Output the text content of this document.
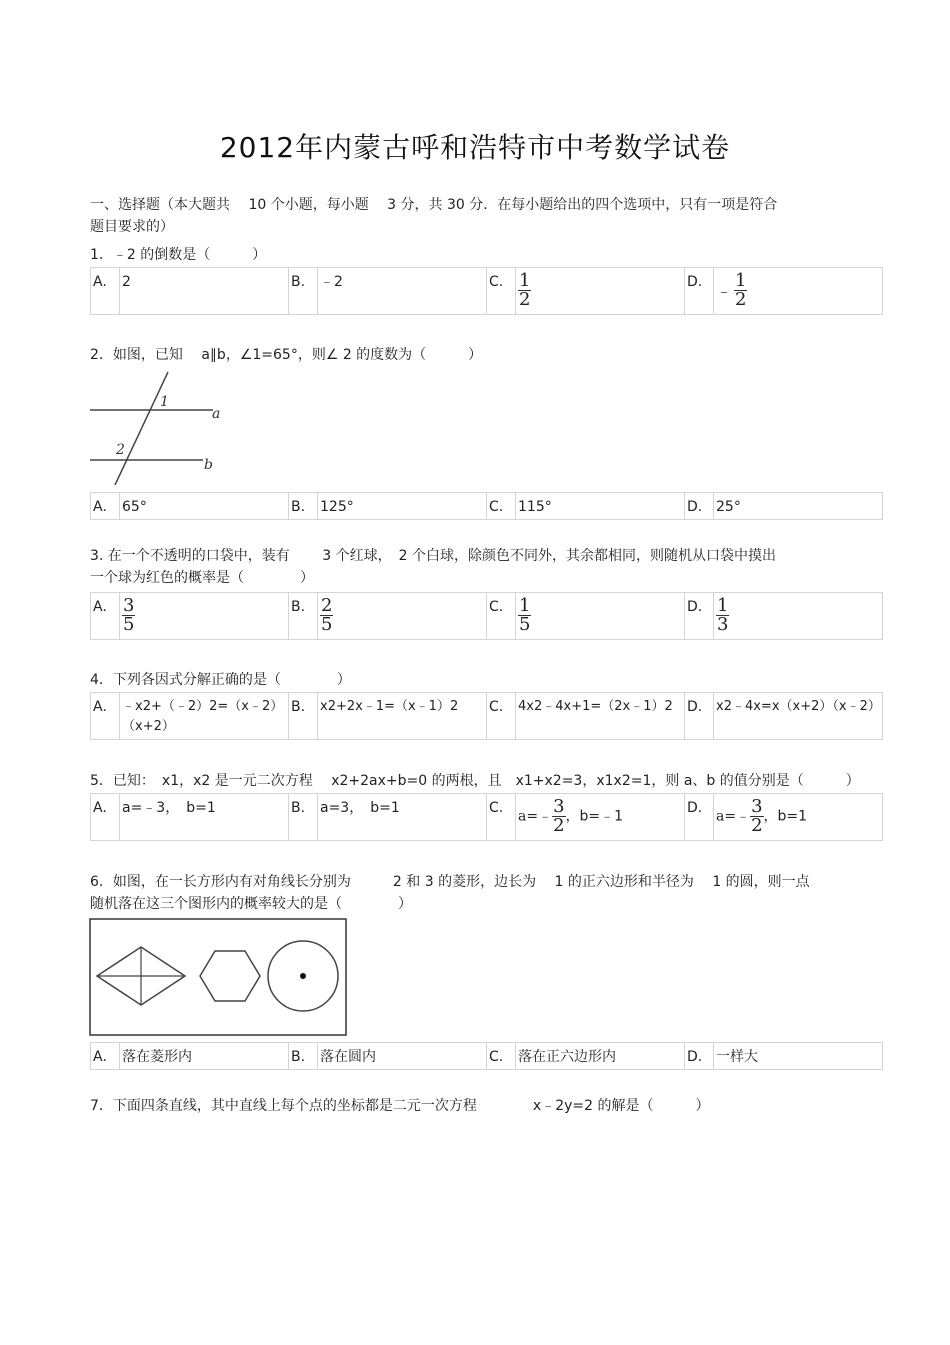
2012年内蒙古呼和浩特市中考数学试卷
一、选择题（本大题共 　10 个小题，每小题 　3 分，共 30 分．在每小题给出的四个选项中，只有一项是符合
题目要求的）
1．﹣2 的倒数是（　　　）
A.	2	B.	﹣2	C.	$\frac{1}{2}$	D.	﹣ $\frac{1}{2}$
2．如图，已知 　a∥b，∠1=65°，则∠ 2 的度数为（　　　）
1
2
a
b
A.	65°	B.	125°	C.	115°	D.	25°
3. 在一个不透明的口袋中，装有 　　3 个红球，　2 个白球，除颜色不同外，其余都相同，则随机从口袋中摸出
一个球为红色的概率是（　　　　）
A.	$\frac{3}{5}$	B.	$\frac{2}{5}$	C.	$\frac{1}{5}$	D.	$\frac{1}{3}$
4．下列各因式分解正确的是（　　　　）
A.	﹣x2+（﹣2）2=（x﹣2）（x+2）	B.	x2+2x﹣1=（x﹣1）2	C.	4x2﹣4x+1=（2x﹣1）2	D.	x2﹣4x=x（x+2）（x﹣2）
5．已知：　x1，x2 是一元二次方程　 x2+2ax+b=0 的两根，且　x1+x2=3，x1x2=1，则 a、b 的值分别是（　　　）
A.	a=﹣3，　b=1	B.	a=3，　b=1	C.	a=﹣ $\frac{3}{2}$ ，b=﹣1	D.	a=﹣ $\frac{3}{2}$ ，b=1
6．如图，在一长方形内有对角线长分别为　　　2 和 3 的菱形，边长为　 1 的正六边形和半径为 　1 的圆，则一点
随机落在这三个图形内的概率较大的是（　　　　）
A.	落在菱形内	B.	落在圆内	C.	落在正六边形内	D.	一样大
7．下面四条直线，其中直线上每个点的坐标都是二元一次方程　　　　x﹣2y=2 的解是（　　　）
